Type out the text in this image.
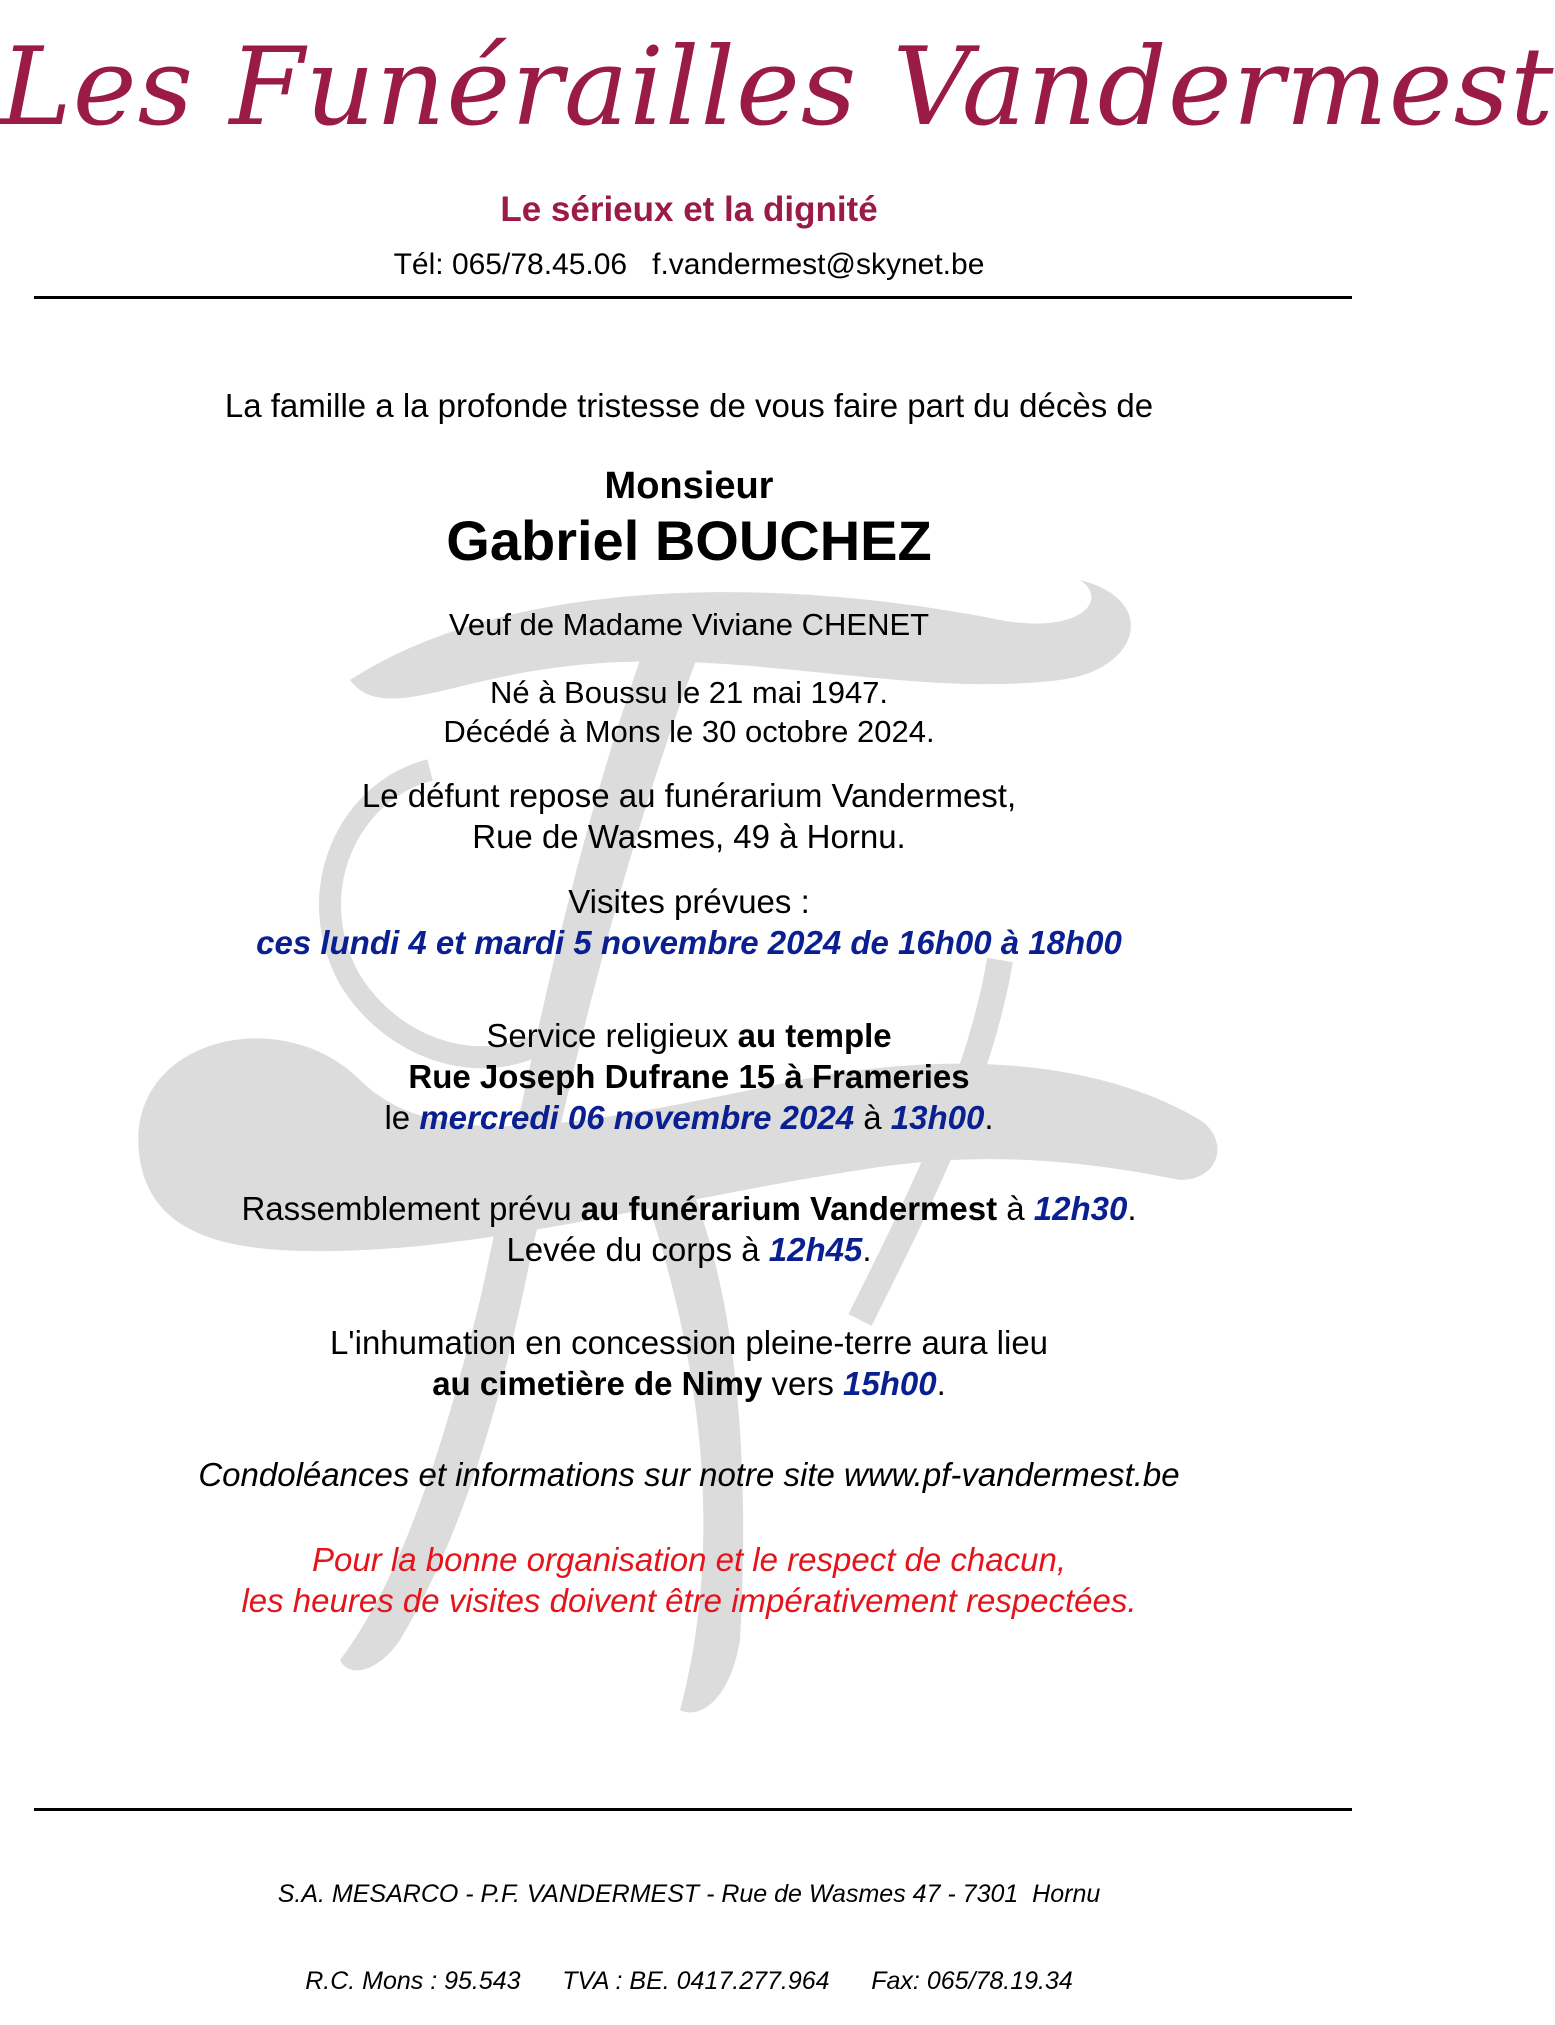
Les Funérailles Vandermest
Le sérieux et la dignité
Tél: 065/78.45.06   f.vandermest@skynet.be

La famille a la profonde tristesse de vous faire part du décès de

Monsieur

Gabriel BOUCHEZ

Veuf de Madame Viviane CHENET

Né à Boussu le 21 mai 1947.

Décédé à Mons le 30 octobre 2024.

Le défunt repose au funérarium Vandermest,

Rue de Wasmes, 49 à Hornu.

Visites prévues :

ces lundi 4 et mardi 5 novembre 2024 de 16h00 à 18h00

Service religieux au temple

Rue Joseph Dufrane 15 à Frameries

le mercredi 06 novembre 2024 à 13h00.

Rassemblement prévu au funérarium Vandermest à 12h30.

Levée du corps à 12h45.

L'inhumation en concession pleine-terre aura lieu

au cimetière de Nimy vers 15h00.

Condoléances et informations sur notre site www.pf-vandermest.be

Pour la bonne organisation et le respect de chacun,

les heures de visites doivent être impérativement respectées.

S.A. MESARCO - P.F. VANDERMEST - Rue de Wasmes 47 - 7301  Hornu

R.C. Mons : 95.543      TVA : BE. 0417.277.964      Fax: 065/78.19.34
